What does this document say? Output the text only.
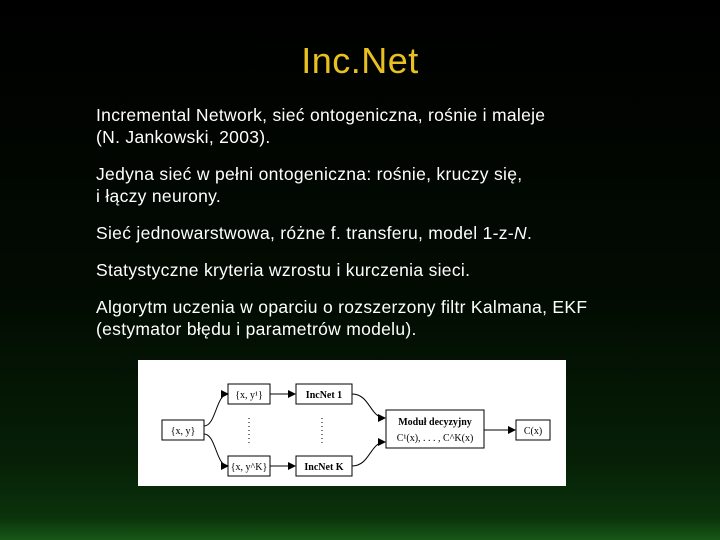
Inc.Net
Incremental Network, sieć ontogeniczna, rośnie i maleje
(N. Jankowski, 2003).
Jedyna sieć w pełni ontogeniczna: rośnie, kruczy się,
i łączy neurony.
Sieć jednowarstwowa, różne f. transferu, model 1-z-N.
Statystyczne kryteria wzrostu i kurczenia sieci.
Algorytm uczenia w oparciu o rozszerzony filtr Kalmana, EKF
(estymator błędu i parametrów modelu).
{x, y}
{x, y¹}
{x, y^K}
IncNet 1
IncNet K
Moduł decyzyjny
C¹(x), . . . , C^K(x)
C(x)
